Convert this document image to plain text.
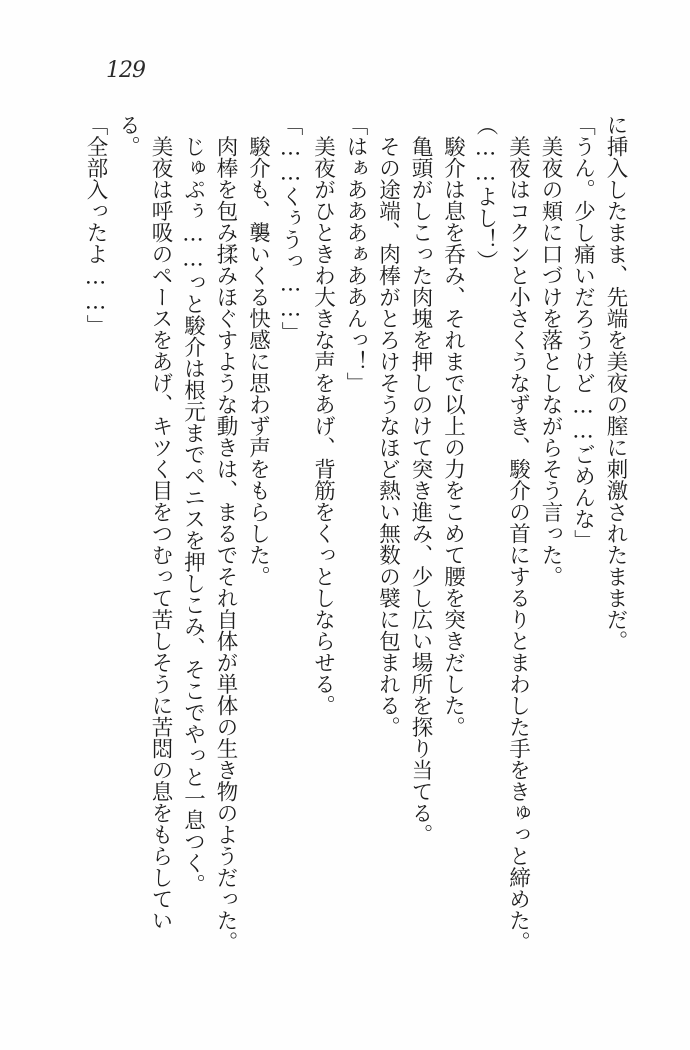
129

に挿入したまま、先端を美夜の膣に刺激されたままだ。

「うん。少し痛いだろうけど……ごめんな」

　美夜の頬に口づけを落としながらそう言った。

　美夜はコクンと小さくうなずき、駿介の首にするりとまわした手をきゅっと締めた。

（……よし！）

　駿介は息を呑み、それまで以上の力をこめて腰を突きだした。

　亀頭がしこった肉塊を押しのけて突き進み、少し広い場所を探り当てる。

　その途端、肉棒がとろけそうなほど熱い無数の襞に包まれる。

「はぁあああぁああんっ！」

　美夜がひときわ大きな声をあげ、背筋をくっとしならせる。

「……くぅうっ……」

　駿介も、襲いくる快感に思わず声をもらした。

　肉棒を包み揉みほぐすような動きは、まるでそれ自体が単体の生き物のようだった。

　じゅぷぅ……っと駿介は根元までペニスを押しこみ、そこでやっと一息つく。

　美夜は呼吸のペースをあげ、キツく目をつむって苦しそうに苦悶の息をもらしている。

「全部入ったよ……」
